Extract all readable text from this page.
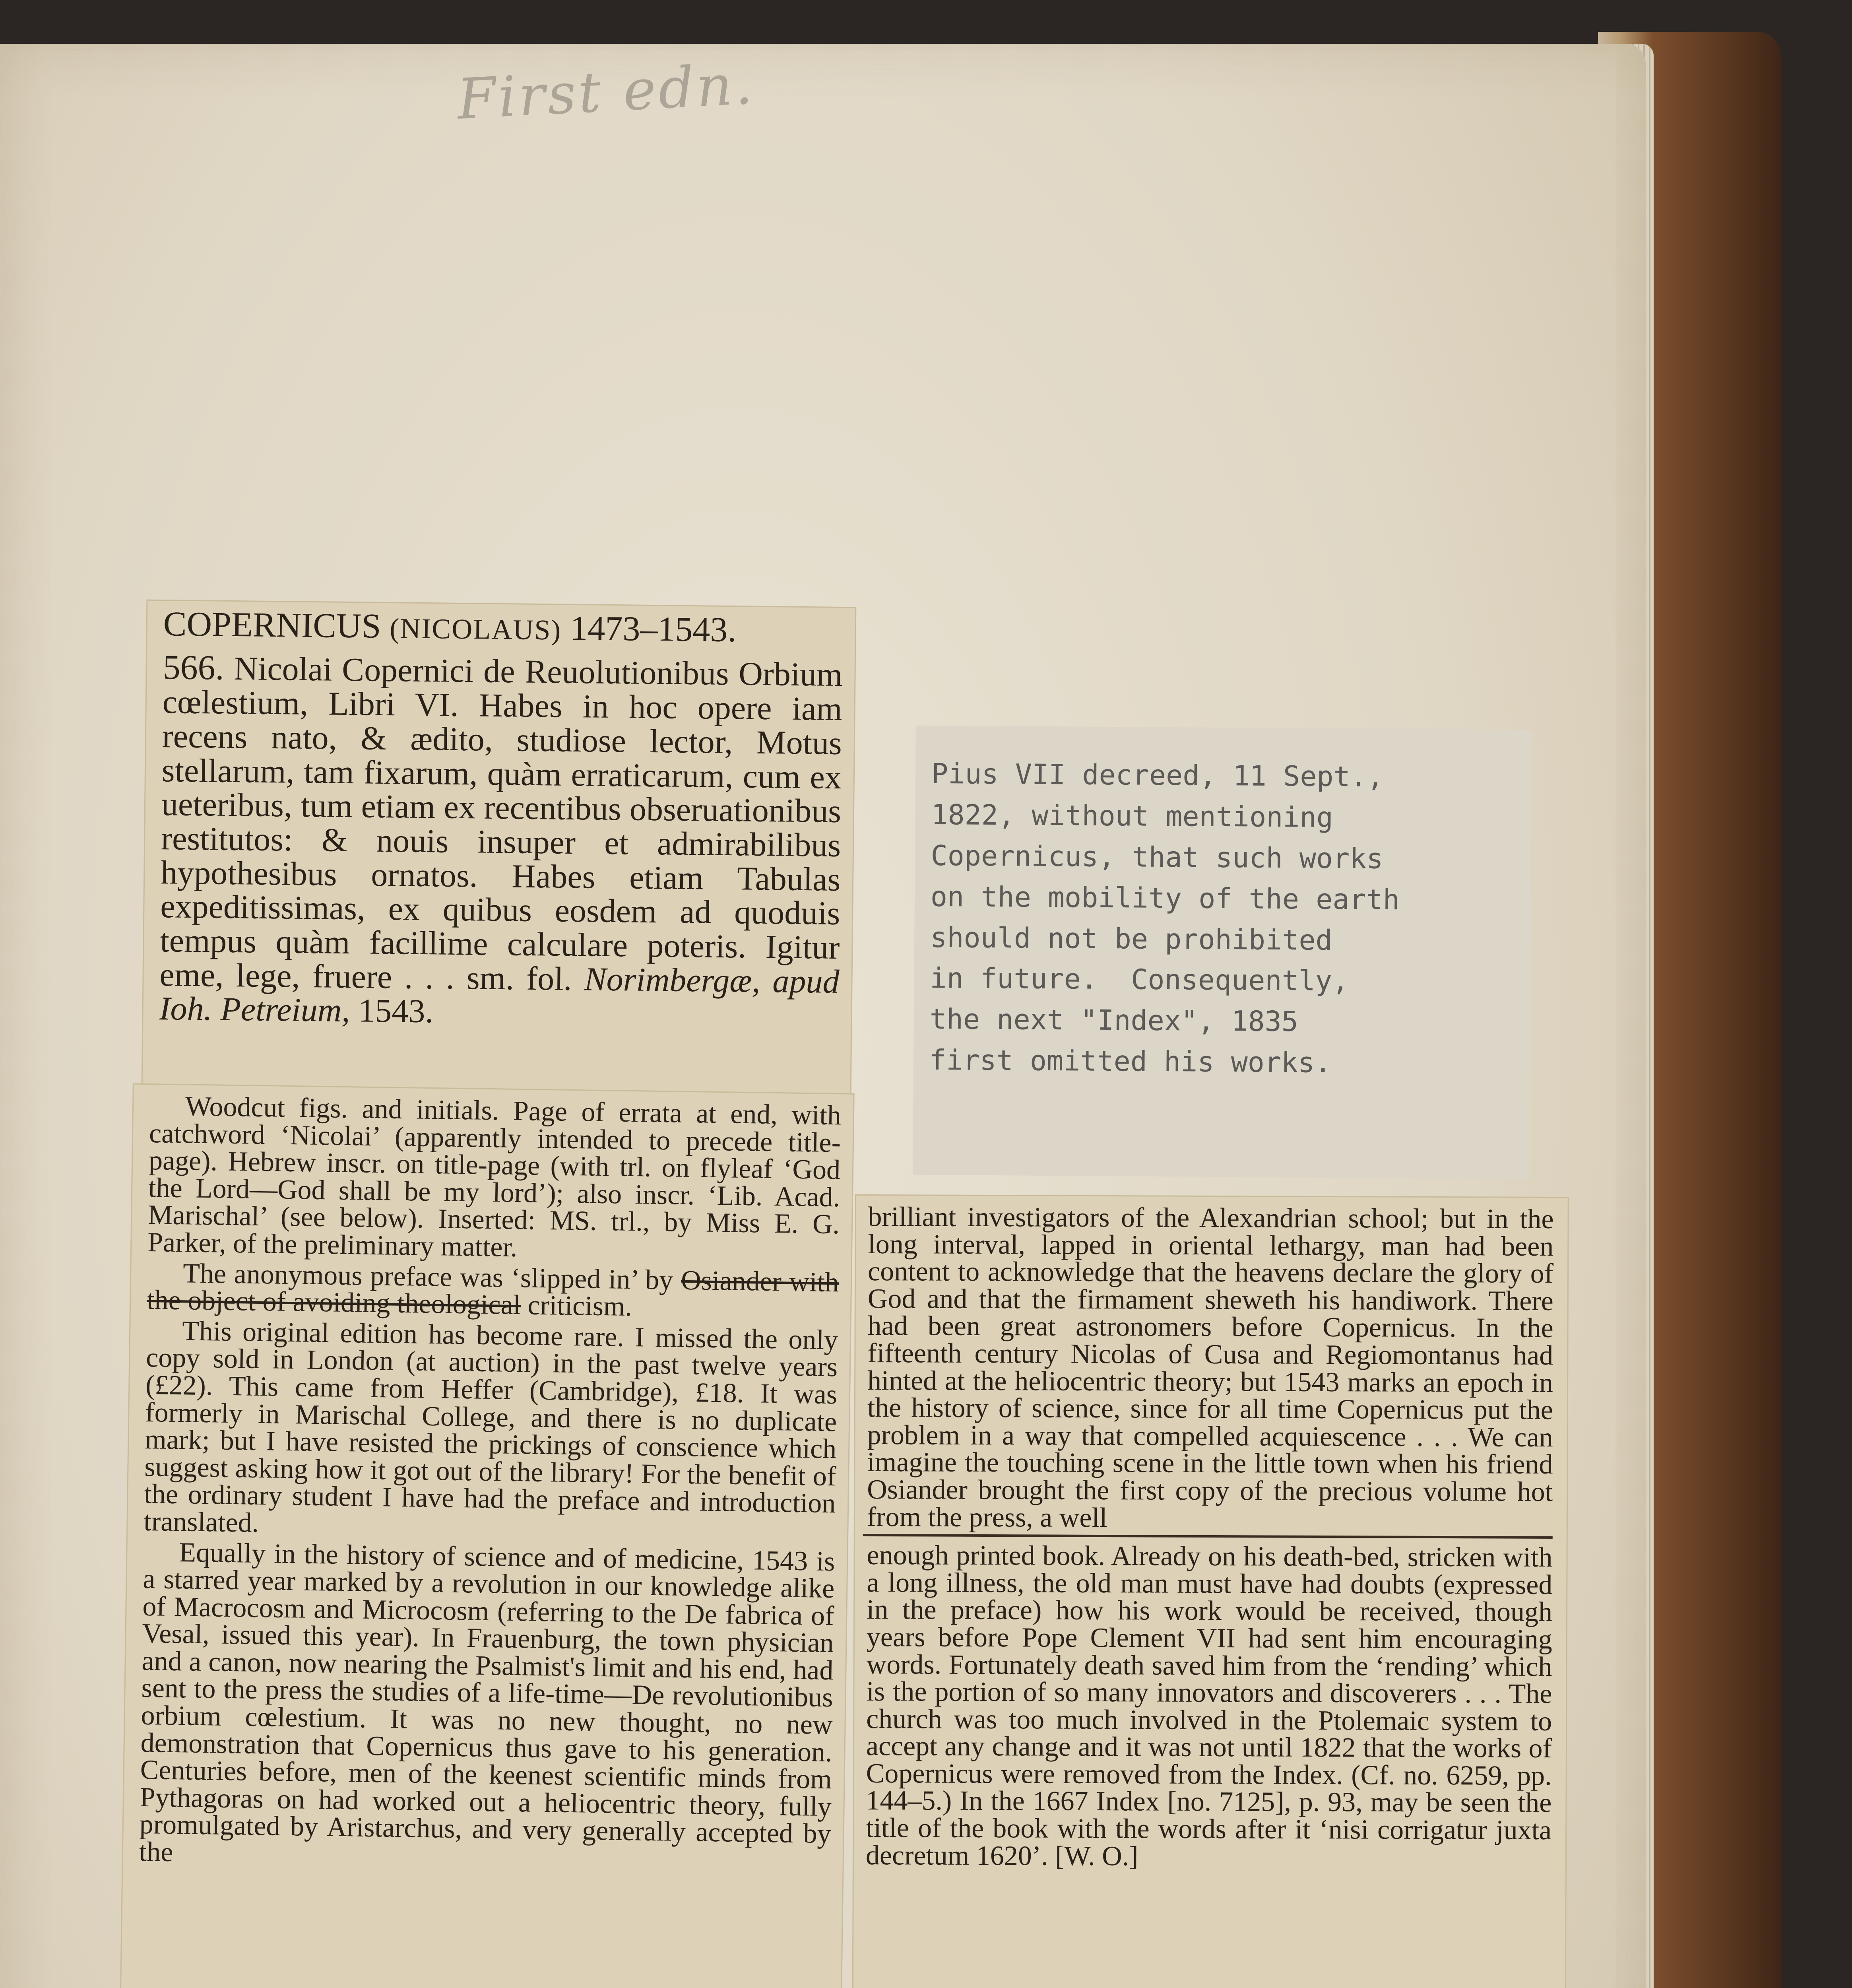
First edn.

COPERNICUS (NICOLAUS) 1473–1543.

566. Nicolai Copernici de Reuolutionibus Orbium cœlestium, Libri VI. Habes in hoc opere iam recens nato, & ædito, studiose lector, Motus stellarum, tam fixarum, quàm erraticarum, cum ex ueteribus, tum etiam ex recentibus obseruationibus restitutos: & nouis insuper et admirabilibus hypothesibus ornatos. Habes etiam Tabulas expeditissimas, ex quibus eosdem ad quoduis tempus quàm facillime calculare poteris. Igitur eme, lege, fruere . . . sm. fol. Norimbergæ, apud Ioh. Petreium, 1543.

Woodcut figs. and initials. Page of errata at end, with catchword ‘Nicolai’ (apparently intended to precede title-page). Hebrew inscr. on title-page (with trl. on flyleaf ‘God the Lord—God shall be my lord’); also inscr. ‘Lib. Acad. Marischal’ (see below). Inserted: MS. trl., by Miss E. G. Parker, of the preliminary matter.

The anonymous preface was ‘slipped in’ by Osiander with the object of avoiding theological criticism.

This original edition has become rare. I missed the only copy sold in London (at auction) in the past twelve years (£22). This came from Heffer (Cambridge), £18. It was formerly in Marischal College, and there is no duplicate mark; but I have resisted the prickings of conscience which suggest asking how it got out of the library! For the benefit of the ordinary student I have had the preface and introduction translated.

Equally in the history of science and of medicine, 1543 is a starred year marked by a revolution in our knowledge alike of Macrocosm and Microcosm (referring to the De fabrica of Vesal, issued this year). In Frauenburg, the town physician and a canon, now nearing the Psalmist's limit and his end, had sent to the press the studies of a life-time—De revolutionibus orbium cœlestium. It was no new thought, no new demonstration that Copernicus thus gave to his generation. Centuries before, men of the keenest scientific minds from Pythagoras on had worked out a heliocentric theory, fully promulgated by Aristarchus, and very generally accepted by the

Pius VII decreed, 11 Sept.,
1822, without mentioning
Copernicus, that such works
on the mobility of the earth
should not be prohibited
in future.  Consequently,
the next "Index", 1835
first omitted his works.

brilliant investigators of the Alexandrian school; but in the long interval, lapped in oriental lethargy, man had been content to acknowledge that the heavens declare the glory of God and that the firmament sheweth his handiwork. There had been great astronomers before Copernicus. In the fifteenth century Nicolas of Cusa and Regiomontanus had hinted at the heliocentric theory; but 1543 marks an epoch in the history of science, since for all time Copernicus put the problem in a way that compelled acquiescence . . . We can imagine the touching scene in the little town when his friend Osiander brought the first copy of the precious volume hot from the press, a well

enough printed book. Already on his death-bed, stricken with a long illness, the old man must have had doubts (expressed in the preface) how his work would be received, though years before Pope Clement VII had sent him encouraging words. Fortunately death saved him from the ‘rending’ which is the portion of so many innovators and discoverers . . . The church was too much involved in the Ptolemaic system to accept any change and it was not until 1822 that the works of Copernicus were removed from the Index. (Cf. no. 6259, pp. 144–5.) In the 1667 Index [no. 7125], p. 93, may be seen the title of the book with the words after it ‘nisi corrigatur juxta decretum 1620’. [W. O.]
